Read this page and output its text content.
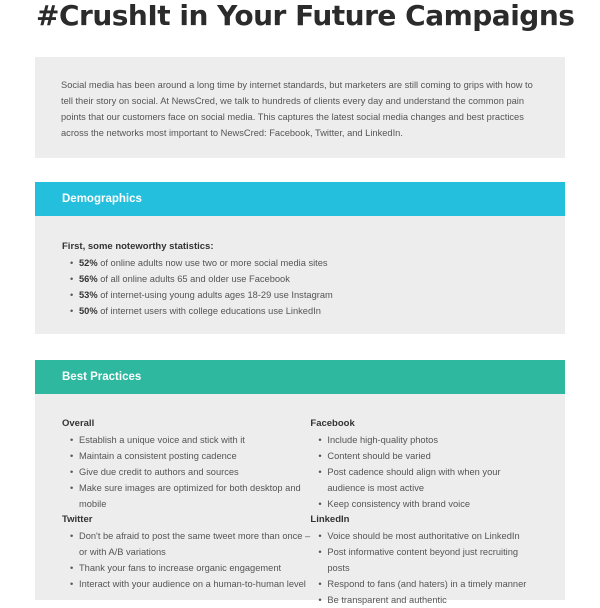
#CrushIt in Your Future Campaigns

Social media has been around a long time by internet standards, but marketers are still coming to grips with how to tell their story on social. At NewsCred, we talk to hundreds of clients every day and understand the common pain points that our customers face on social media. This captures the latest social media changes and best practices across the networks most important to NewsCred: Facebook, Twitter, and LinkedIn.

Demographics

First, some noteworthy statistics:

• 52% of online adults now use two or more social media sites
• 56% of all online adults 65 and older use Facebook
• 53% of internet-using young adults ages 18-29 use Instagram
• 50% of internet users with college educations use LinkedIn
Best Practices

Overall

• Establish a unique voice and stick with it
• Maintain a consistent posting cadence
• Give due credit to authors and sources
• Make sure images are optimized for both desktop and mobile

Twitter

• Don't be afraid to post the same tweet more than once – or with A/B variations
• Thank your fans to increase organic engagement
• Interact with your audience on a human-to-human level

Facebook

• Include high-quality photos
• Content should be varied
• Post cadence should align with when your audience is most active
• Keep consistency with brand voice

LinkedIn

• Voice should be most authoritative on LinkedIn
• Post informative content beyond just recruiting posts
• Respond to fans (and haters) in a timely manner
• Be transparent and authentic
